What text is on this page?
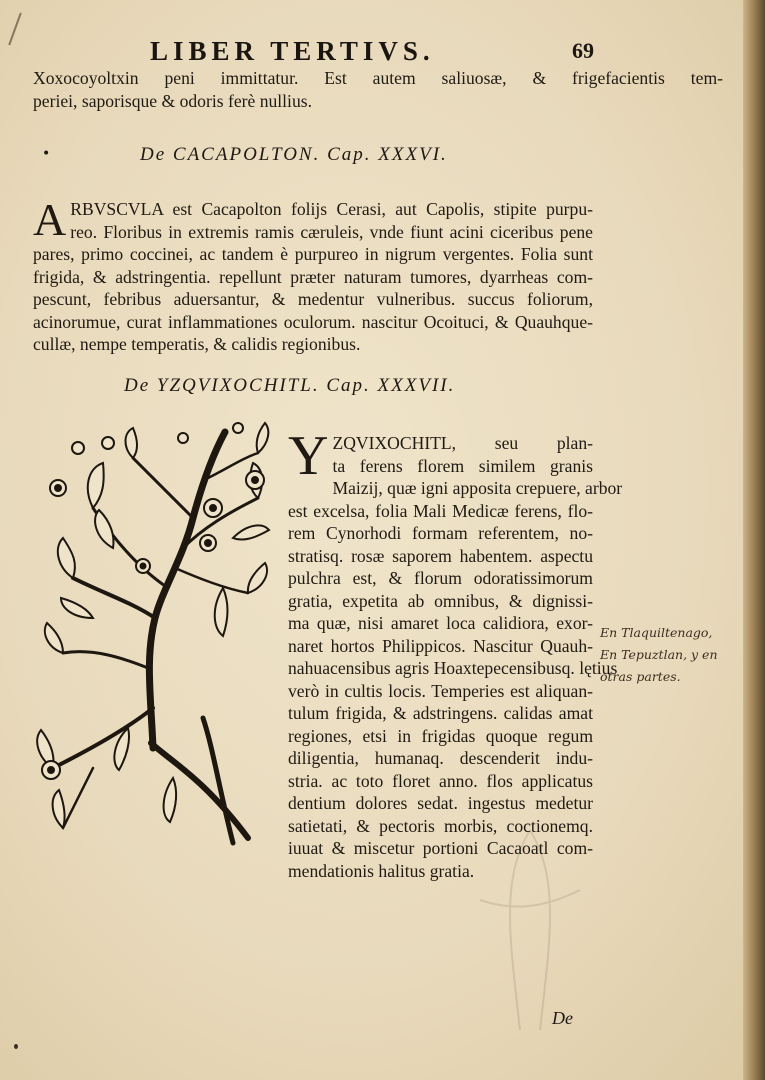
LIBER TERTIVS.	69
Xoxocoyoltxin peni immittatur. Est autem saliuosæ, & frigefacientis tem-
periei, saporisque & odoris ferè nullius.
•	De CACAPOLTON. Cap. XXXVI.
A RBVSCVLA est Cacapolton folijs Cerasi, aut Capolis, stipite purpu-
reo. Floribus in extremis ramis cæruleis, vnde fiunt acini ciceribus pene
pares, primo coccinei, ac tandem è purpureo in nigrum vergentes. Folia sunt
frigida, & adstringentia. repellunt præter naturam tumores, dyarrheas com-
pescunt, febribus aduersantur, & medentur vulneribus. succus foliorum,
acinorumue, curat inflammationes oculorum. nascitur Ocoituci, & Quauhque-
cullæ, nempe temperatis, & calidis regionibus.
De YZQVIXOCHITL. Cap. XXXVII.
Y ZQVIXOCHITL, seu plan-
ta ferens florem similem granis
Maizij, quæ igni apposita crepuere, arbor
est excelsa, folia Mali Medicæ ferens, flo-
rem Cynorhodi formam referentem, no-
stratisq. rosæ saporem habentem. aspectu
pulchra est, & florum odoratissimorum
gratia, expetita ab omnibus, & dignissi-
ma quæ, nisi amaret loca calidiora, exor-
naret hortos Philippicos. Nascitur Quauh-
nahuacensibus agris Hoaxtepecensibusq. lętius
verò in cultis locis. Temperies est aliquan-
tulum frigida, & adstringens. calidas amat
regiones, etsi in frigidas quoque regum
diligentia, humanaq. descenderit indu-
stria. ac toto floret anno. flos applicatus
dentium dolores sedat. ingestus medetur
satietati, & pectoris morbis, coctionemq.
iuuat & miscetur portioni Cacaoatl com-
mendationis halitus gratia.
En Tlaquiltenago,
En Tepuztlan, y en
otras partes.
De
